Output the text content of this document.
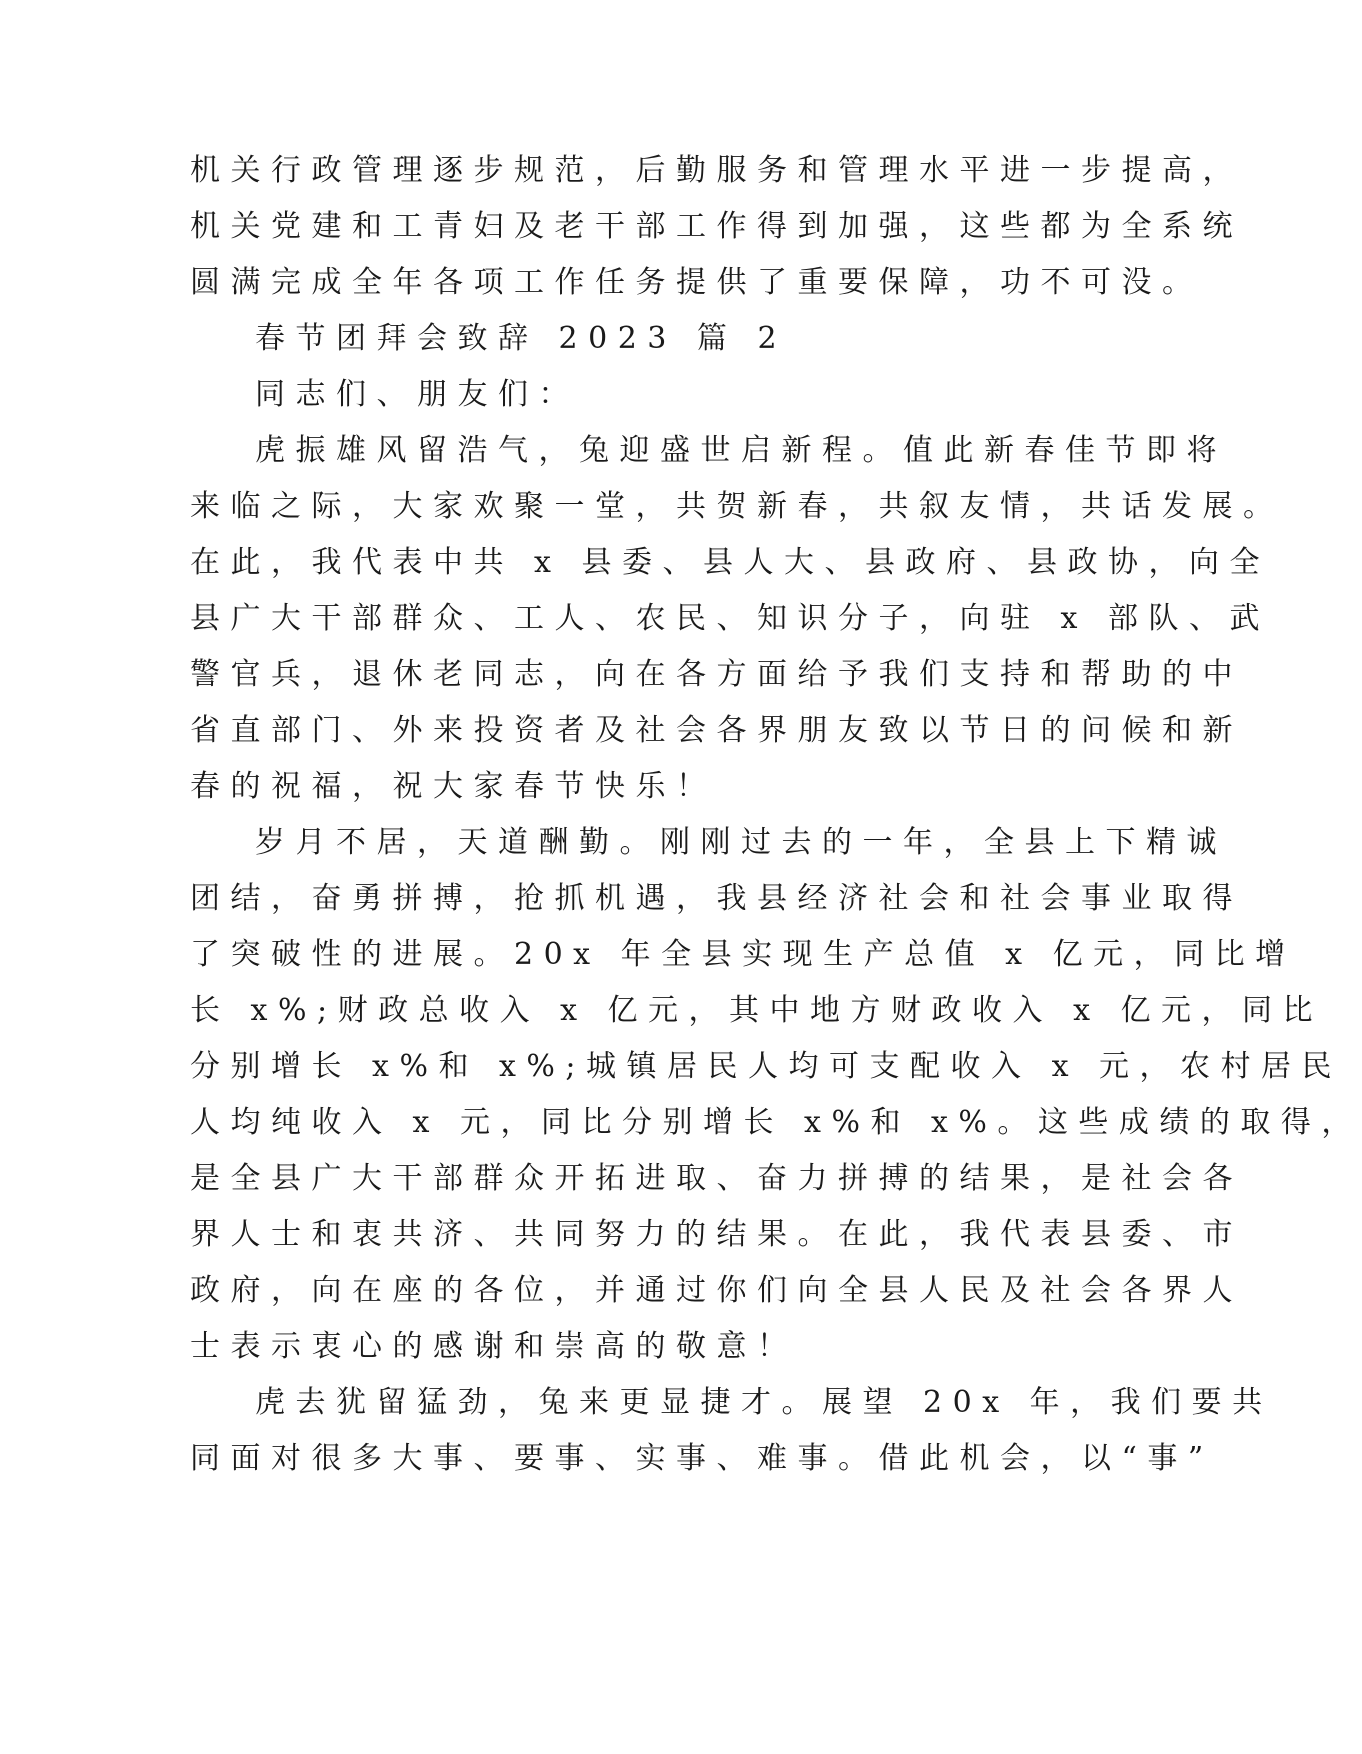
机关行政管理逐步规范，后勤服务和管理水平进一步提高，
机关党建和工青妇及老干部工作得到加强，这些都为全系统
圆满完成全年各项工作任务提供了重要保障，功不可没。
春节团拜会致辞 2023 篇 2
同志们、朋友们：
虎振雄风留浩气，兔迎盛世启新程。值此新春佳节即将
来临之际，大家欢聚一堂，共贺新春，共叙友情，共话发展。
在此，我代表中共 x 县委、县人大、县政府、县政协，向全
县广大干部群众、工人、农民、知识分子，向驻 x 部队、武
警官兵，退休老同志，向在各方面给予我们支持和帮助的中
省直部门、外来投资者及社会各界朋友致以节日的问候和新
春的祝福，祝大家春节快乐！
岁月不居，天道酬勤。刚刚过去的一年，全县上下精诚
团结，奋勇拼搏，抢抓机遇，我县经济社会和社会事业取得
了突破性的进展。20x 年全县实现生产总值 x 亿元，同比增
长 x%;财政总收入 x 亿元，其中地方财政收入 x 亿元，同比
分别增长 x%和 x%;城镇居民人均可支配收入 x 元，农村居民
人均纯收入 x 元，同比分别增长 x%和 x%。这些成绩的取得，
是全县广大干部群众开拓进取、奋力拼搏的结果，是社会各
界人士和衷共济、共同努力的结果。在此，我代表县委、市
政府，向在座的各位，并通过你们向全县人民及社会各界人
士表示衷心的感谢和崇高的敬意！
虎去犹留猛劲，兔来更显捷才。展望 20x 年，我们要共
同面对很多大事、要事、实事、难事。借此机会，以“事”
